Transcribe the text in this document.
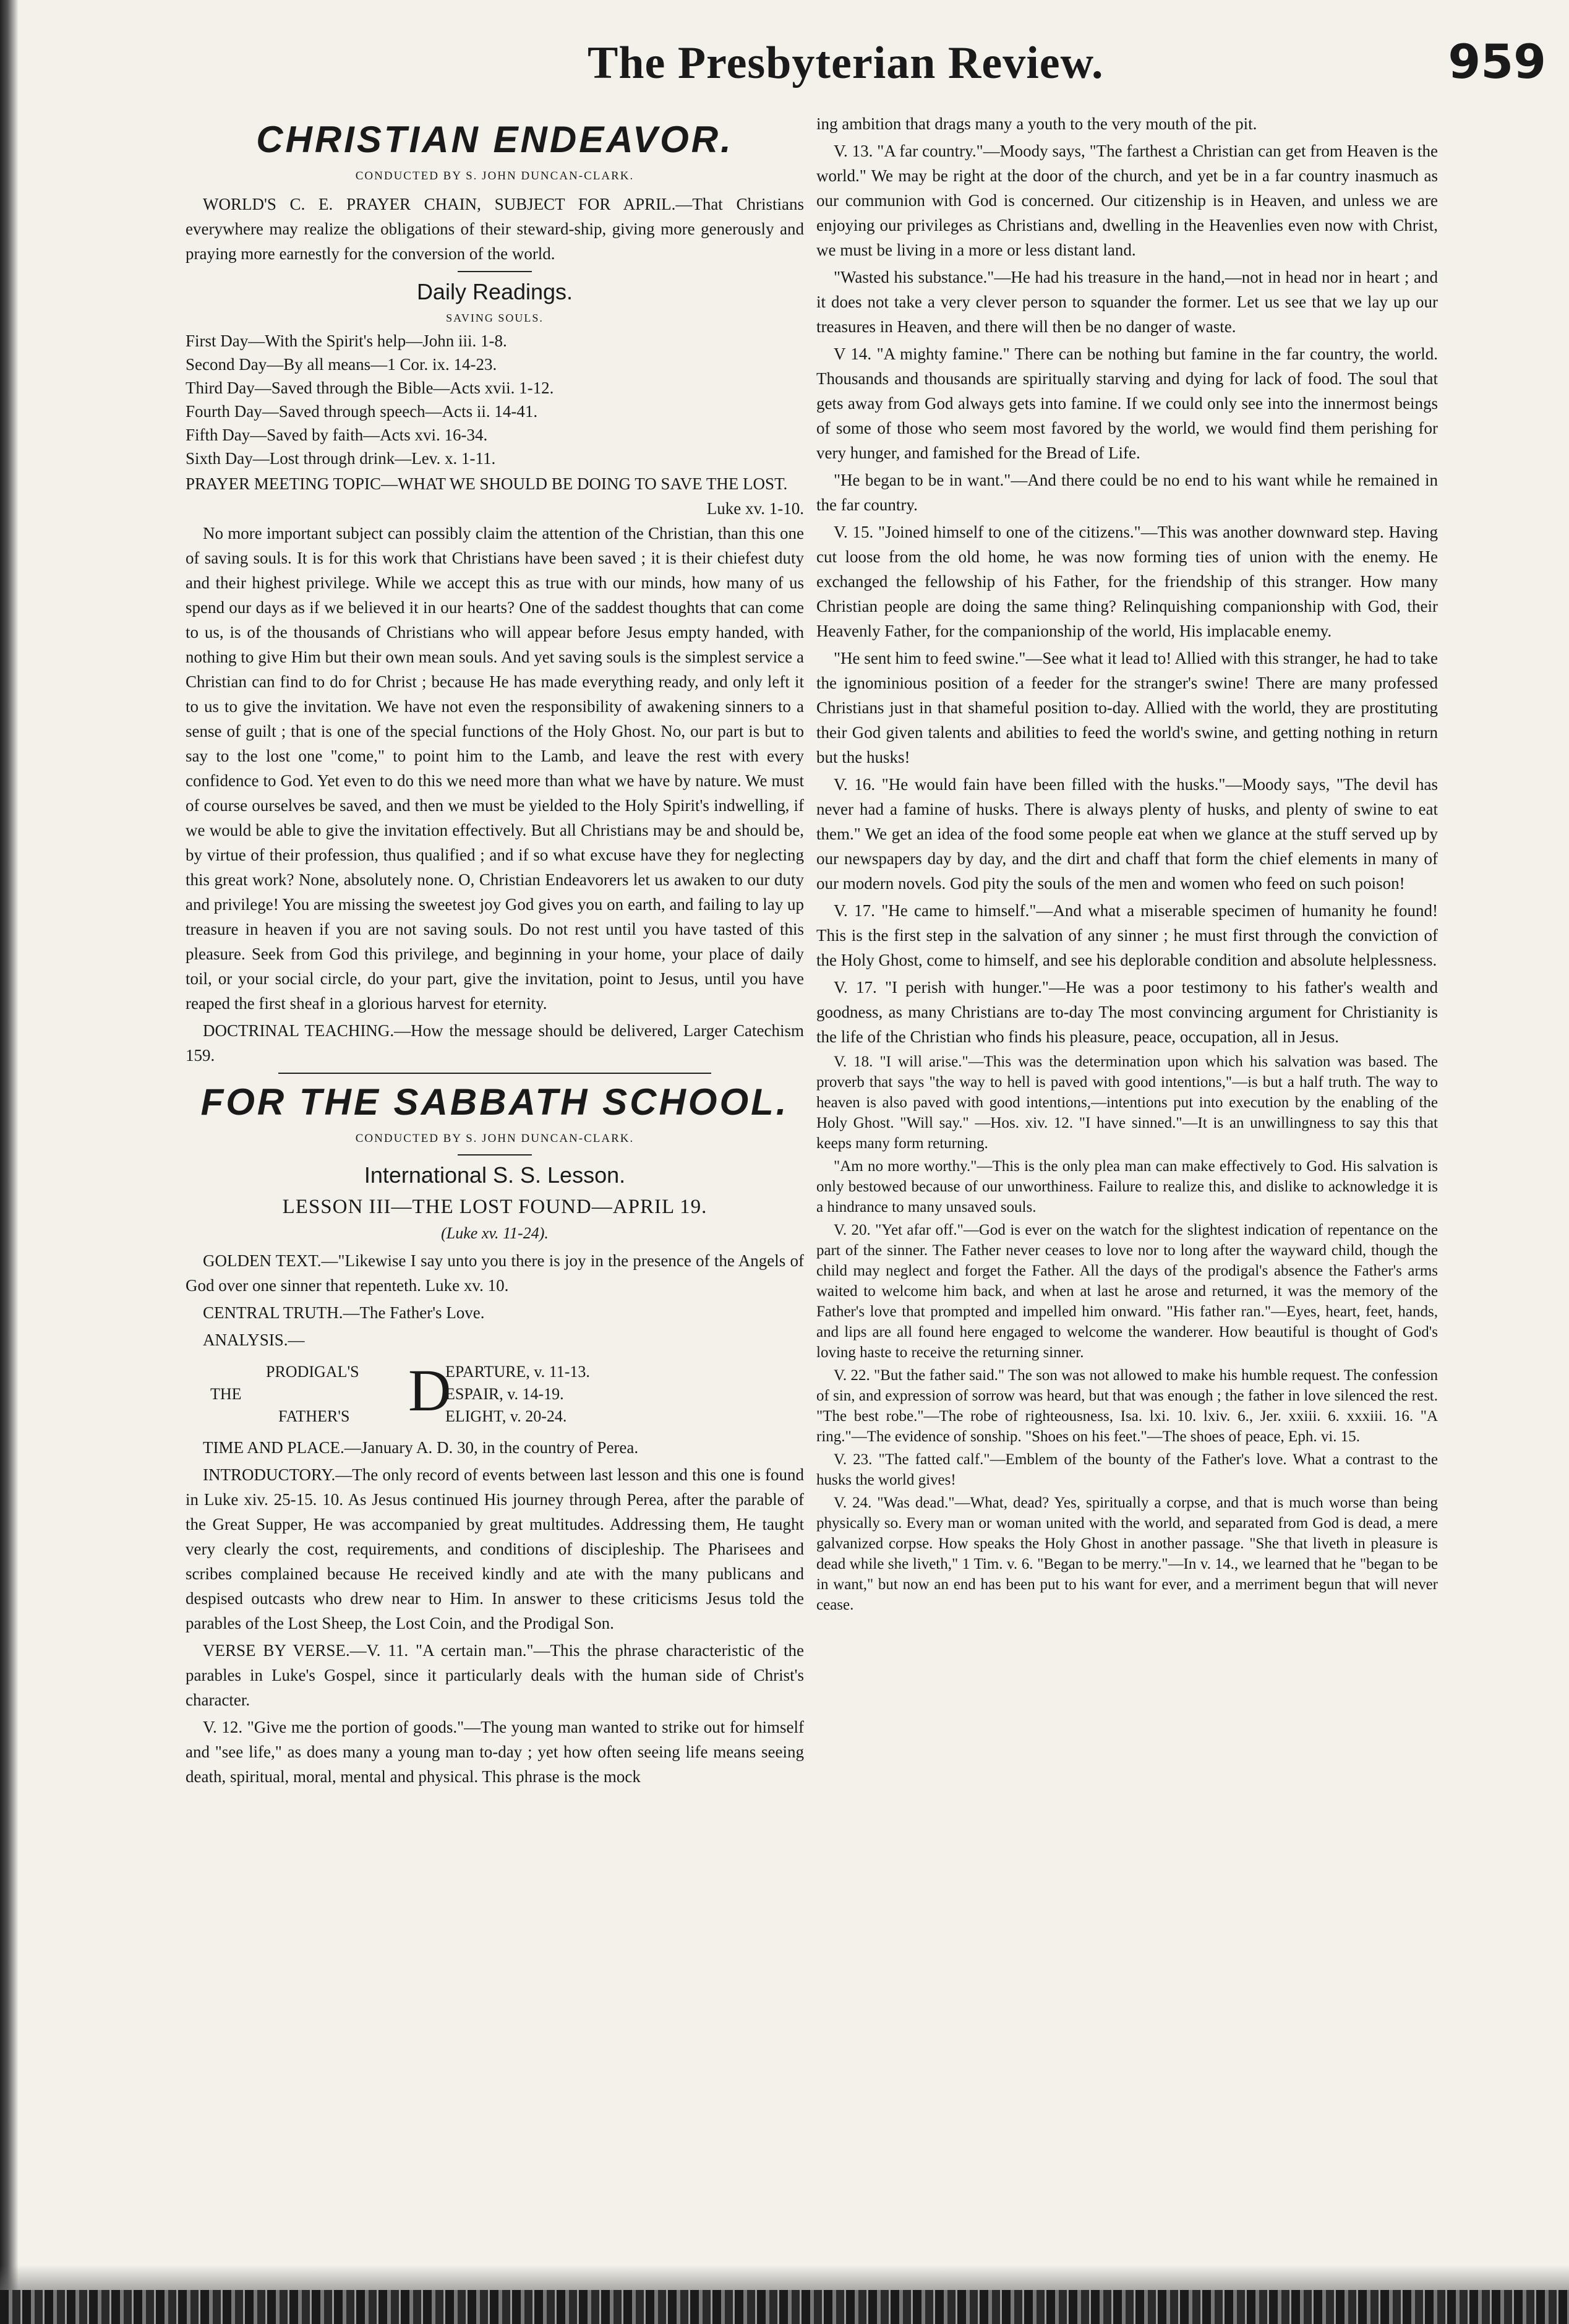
The Presbyterian Review.	959
CHRISTIAN ENDEAVOR.
CONDUCTED BY S. JOHN DUNCAN-CLARK.

WORLD'S C. E. PRAYER CHAIN, SUBJECT FOR APRIL.—That Christians everywhere may realize the obligations of their steward-ship, giving more generously and praying more earnestly for the conversion of the world.

Daily Readings.
SAVING SOULS.
First Day—With the Spirit's help—John iii. 1-8.
Second Day—By all means—1 Cor. ix. 14-23.
Third Day—Saved through the Bible—Acts xvii. 1-12.
Fourth Day—Saved through speech—Acts ii. 14-41.
Fifth Day—Saved by faith—Acts xvi. 16-34.
Sixth Day—Lost through drink—Lev. x. 1-11.
PRAYER MEETING TOPIC—WHAT WE SHOULD BE DOING TO SAVE THE LOST.
Luke xv. 1-10.

No more important subject can possibly claim the attention of the Christian, than this one of saving souls. It is for this work that Christians have been saved ; it is their chiefest duty and their highest privilege. While we accept this as true with our minds, how many of us spend our days as if we believed it in our hearts? One of the saddest thoughts that can come to us, is of the thousands of Christians who will appear before Jesus empty handed, with nothing to give Him but their own mean souls. And yet saving souls is the simplest service a Christian can find to do for Christ ; because He has made everything ready, and only left it to us to give the invitation. We have not even the responsibility of awakening sinners to a sense of guilt ; that is one of the special functions of the Holy Ghost. No, our part is but to say to the lost one "come," to point him to the Lamb, and leave the rest with every confidence to God. Yet even to do this we need more than what we have by nature. We must of course ourselves be saved, and then we must be yielded to the Holy Spirit's indwelling, if we would be able to give the invitation effectively. But all Christians may be and should be, by virtue of their profession, thus qualified ; and if so what excuse have they for neglecting this great work? None, absolutely none. O, Christian Endeavorers let us awaken to our duty and privilege! You are missing the sweetest joy God gives you on earth, and failing to lay up treasure in heaven if you are not saving souls. Do not rest until you have tasted of this pleasure. Seek from God this privilege, and beginning in your home, your place of daily toil, or your social circle, do your part, give the invitation, point to Jesus, until you have reaped the first sheaf in a glorious harvest for eternity.

DOCTRINAL TEACHING.—How the message should be delivered, Larger Catechism 159.

FOR THE SABBATH SCHOOL.
CONDUCTED BY S. JOHN DUNCAN-CLARK.
International S. S. Lesson.
LESSON III—THE LOST FOUND—APRIL 19.
(Luke xv. 11-24).

GOLDEN TEXT.—"Likewise I say unto you there is joy in the presence of the Angels of God over one sinner that repenteth. Luke xv. 10.

CENTRAL TRUTH.—The Father's Love.

ANALYSIS.—

THE
PRODIGAL'S
FATHER'S D
EPARTURE, v. 11-13.
ESPAIR, v. 14-19.
ELIGHT, v. 20-24.

TIME AND PLACE.—January A. D. 30, in the country of Perea.

INTRODUCTORY.—The only record of events between last lesson and this one is found in Luke xiv. 25-15. 10. As Jesus continued His journey through Perea, after the parable of the Great Supper, He was accompanied by great multitudes. Addressing them, He taught very clearly the cost, requirements, and conditions of discipleship. The Pharisees and scribes complained because He received kindly and ate with the many publicans and despised outcasts who drew near to Him. In answer to these criticisms Jesus told the parables of the Lost Sheep, the Lost Coin, and the Prodigal Son.

VERSE BY VERSE.—V. 11. "A certain man."—This the phrase characteristic of the parables in Luke's Gospel, since it particularly deals with the human side of Christ's character.

V. 12. "Give me the portion of goods."—The young man wanted to strike out for himself and "see life," as does many a young man to-day ; yet how often seeing life means seeing death, spiritual, moral, mental and physical. This phrase is the mock

ing ambition that drags many a youth to the very mouth of the pit.

V. 13. "A far country."—Moody says, "The farthest a Christian can get from Heaven is the world." We may be right at the door of the church, and yet be in a far country inasmuch as our communion with God is concerned. Our citizenship is in Heaven, and unless we are enjoying our privileges as Christians and, dwelling in the Heavenlies even now with Christ, we must be living in a more or less distant land.

"Wasted his substance."—He had his treasure in the hand,—not in head nor in heart ; and it does not take a very clever person to squander the former. Let us see that we lay up our treasures in Heaven, and there will then be no danger of waste.

V 14. "A mighty famine." There can be nothing but famine in the far country, the world. Thousands and thousands are spiritually starving and dying for lack of food. The soul that gets away from God always gets into famine. If we could only see into the innermost beings of some of those who seem most favored by the world, we would find them perishing for very hunger, and famished for the Bread of Life.

"He began to be in want."—And there could be no end to his want while he remained in the far country.

V. 15. "Joined himself to one of the citizens."—This was another downward step. Having cut loose from the old home, he was now forming ties of union with the enemy. He exchanged the fellowship of his Father, for the friendship of this stranger. How many Christian people are doing the same thing? Relinquishing companionship with God, their Heavenly Father, for the companionship of the world, His implacable enemy.

"He sent him to feed swine."—See what it lead to! Allied with this stranger, he had to take the ignominious position of a feeder for the stranger's swine! There are many professed Christians just in that shameful position to-day. Allied with the world, they are prostituting their God given talents and abilities to feed the world's swine, and getting nothing in return but the husks!

V. 16. "He would fain have been filled with the husks."—Moody says, "The devil has never had a famine of husks. There is always plenty of husks, and plenty of swine to eat them." We get an idea of the food some people eat when we glance at the stuff served up by our newspapers day by day, and the dirt and chaff that form the chief elements in many of our modern novels. God pity the souls of the men and women who feed on such poison!

V. 17. "He came to himself."—And what a miserable specimen of humanity he found! This is the first step in the salvation of any sinner ; he must first through the conviction of the Holy Ghost, come to himself, and see his deplorable condition and absolute helplessness.

V. 17. "I perish with hunger."—He was a poor testimony to his father's wealth and goodness, as many Christians are to-day The most convincing argument for Christianity is the life of the Christian who finds his pleasure, peace, occupation, all in Jesus.

V. 18. "I will arise."—This was the determination upon which his salvation was based. The proverb that says "the way to hell is paved with good intentions,"—is but a half truth. The way to heaven is also paved with good intentions,—intentions put into execution by the enabling of the Holy Ghost. "Will say." —Hos. xiv. 12. "I have sinned."—It is an unwillingness to say this that keeps many form returning.

"Am no more worthy."—This is the only plea man can make effectively to God. His salvation is only bestowed because of our unworthiness. Failure to realize this, and dislike to acknowledge it is a hindrance to many unsaved souls.

V. 20. "Yet afar off."—God is ever on the watch for the slightest indication of repentance on the part of the sinner. The Father never ceases to love nor to long after the wayward child, though the child may neglect and forget the Father. All the days of the prodigal's absence the Father's arms waited to welcome him back, and when at last he arose and returned, it was the memory of the Father's love that prompted and impelled him onward. "His father ran."—Eyes, heart, feet, hands, and lips are all found here engaged to welcome the wanderer. How beautiful is thought of God's loving haste to receive the returning sinner.

V. 22. "But the father said." The son was not allowed to make his humble request. The confession of sin, and expression of sorrow was heard, but that was enough ; the father in love silenced the rest. "The best robe."—The robe of righteousness, Isa. lxi. 10. lxiv. 6., Jer. xxiii. 6. xxxiii. 16. "A ring."—The evidence of sonship. "Shoes on his feet."—The shoes of peace, Eph. vi. 15.

V. 23. "The fatted calf."—Emblem of the bounty of the Father's love. What a contrast to the husks the world gives!

V. 24. "Was dead."—What, dead? Yes, spiritually a corpse, and that is much worse than being physically so. Every man or woman united with the world, and separated from God is dead, a mere galvanized corpse. How speaks the Holy Ghost in another passage. "She that liveth in pleasure is dead while she liveth," 1 Tim. v. 6. "Began to be merry."—In v. 14., we learned that he "began to be in want," but now an end has been put to his want for ever, and a merriment begun that will never cease.
